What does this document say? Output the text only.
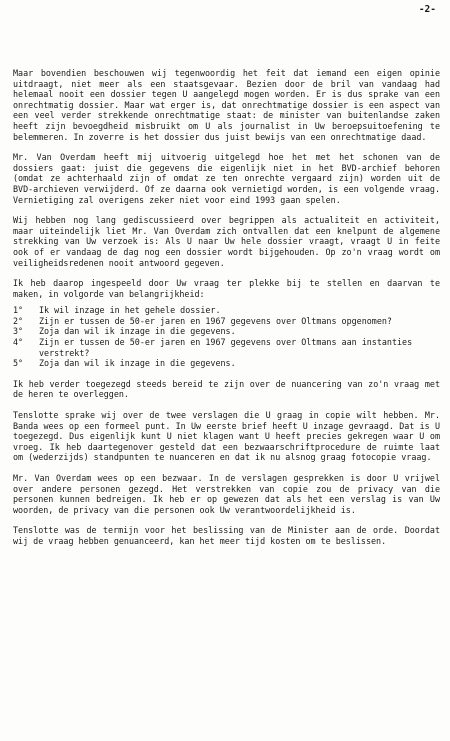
-2-

Maar bovendien beschouwen wij tegenwoordig het feit dat iemand een eigen opinie uitdraagt, niet meer als een staatsgevaar. Bezien door de bril van vandaag had helemaal nooit een dossier tegen U aangelegd mogen worden. Er is dus sprake van een onrechtmatig dossier. Maar wat erger is, dat onrechtmatige dossier is een aspect van een veel verder strekkende onrechtmatige staat: de minister van buitenlandse zaken heeft zijn bevoegdheid misbruikt om U als journalist in Uw beroepsuitoefening te belemmeren. In zoverre is het dossier dus juist bewijs van een onrechtmatige daad.

Mr. Van Overdam heeft mij uitvoerig uitgelegd hoe het met het schonen van de dossiers gaat: juist die gegevens die eigenlijk niet in het BVD-archief behoren (omdat ze achterhaald zijn of omdat ze ten onrechte vergaard zijn) worden uit de BVD-archieven verwijderd. Of ze daarna ook vernietigd worden, is een volgende vraag. Vernietiging zal overigens zeker niet voor eind 1993 gaan spelen.

Wij hebben nog lang gediscussieerd over begrippen als actualiteit en activiteit, maar uiteindelijk liet Mr. Van Overdam zich ontvallen dat een knelpunt de algemene strekking van Uw verzoek is: Als U naar Uw hele dossier vraagt, vraagt U in feite ook of er vandaag de dag nog een dossier wordt bijgehouden. Op zo'n vraag wordt om veiligheidsredenen nooit antwoord gegeven.

Ik heb daarop ingespeeld door Uw vraag ter plekke bij te stellen en daarvan te maken, in volgorde van belangrijkheid:

1°	Ik wil inzage in het gehele dossier.
2°	Zijn er tussen de 50-er jaren en 1967 gegevens over Oltmans opgenomen?
3°	Zoja dan wil ik inzage in die gegevens.
4°	Zijn er tussen de 50-er jaren en 1967 gegevens over Oltmans aan instanties verstrekt?
5°	Zoja dan wil ik inzage in die gegevens.

Ik heb verder toegezegd steeds bereid te zijn over de nuancering van zo'n vraag met de heren te overleggen.

Tenslotte sprake wij over de twee verslagen die U graag in copie wilt hebben. Mr. Banda wees op een formeel punt. In Uw eerste brief heeft U inzage gevraagd. Dat is U toegezegd. Dus eigenlijk kunt U niet klagen want U heeft precies gekregen waar U om vroeg. Ik heb daartegenover gesteld dat een bezwaarschriftprocedure de ruimte laat om (wederzijds) standpunten te nuanceren en dat ik nu alsnog graag fotocopie vraag.

Mr. Van Overdam wees op een bezwaar. In de verslagen gesprekken is door U vrijwel over andere personen gezegd. Het verstrekken van copie zou de privacy van die personen kunnen bedreigen. Ik heb er op gewezen dat als het een verslag is van Uw woorden, de privacy van die personen ook Uw verantwoordelijkheid is.

Tenslotte was de termijn voor het beslissing van de Minister aan de orde. Doordat wij de vraag hebben genuanceerd, kan het meer tijd kosten om te beslissen.
